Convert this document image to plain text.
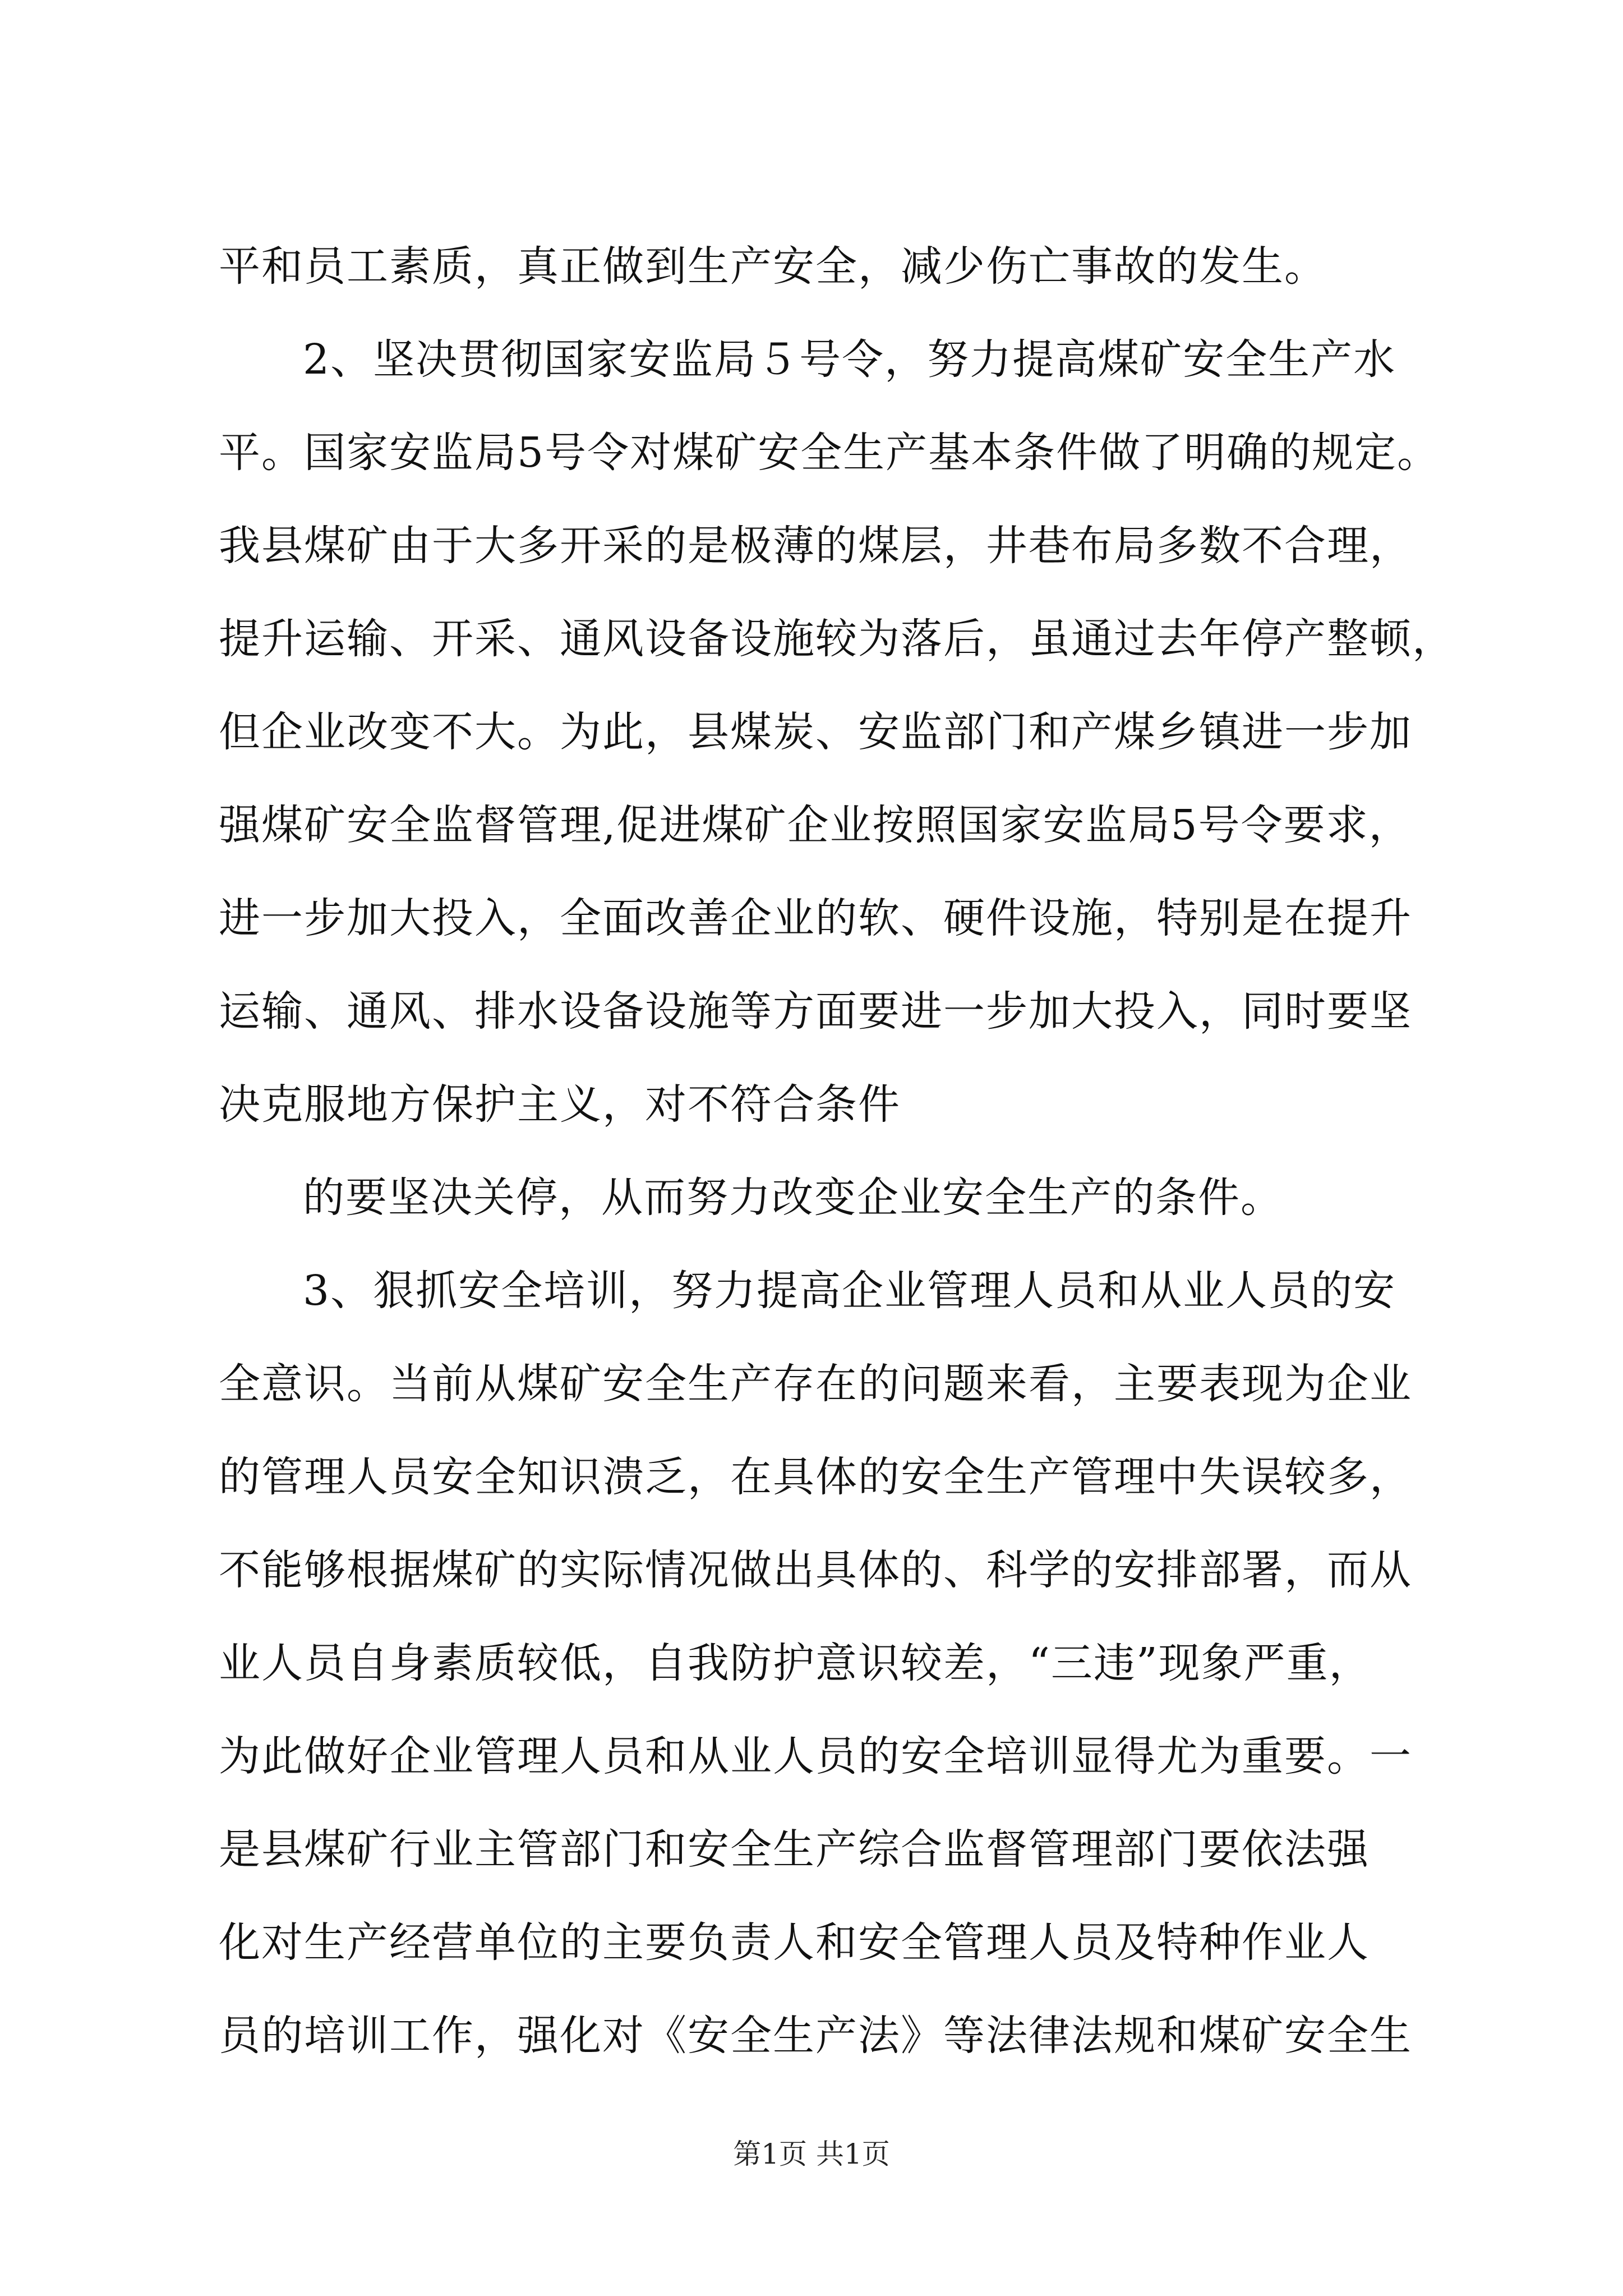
平和员工素质，真正做到生产安全，减少伤亡事故的发生。
2、坚决贯彻国家安监局５号令，努力提高煤矿安全生产水
平。国家安监局5号令对煤矿安全生产基本条件做了明确的规定。
我县煤矿由于大多开采的是极薄的煤层，井巷布局多数不合理，
提升运输、开采、通风设备设施较为落后，虽通过去年停产整顿，
但企业改变不大。为此，县煤炭、安监部门和产煤乡镇进一步加
强煤矿安全监督管理,促进煤矿企业按照国家安监局5号令要求，
进一步加大投入，全面改善企业的软、硬件设施，特别是在提升
运输、通风、排水设备设施等方面要进一步加大投入，同时要坚
决克服地方保护主义，对不符合条件
的要坚决关停，从而努力改变企业安全生产的条件。
3、狠抓安全培训，努力提高企业管理人员和从业人员的安
全意识。当前从煤矿安全生产存在的问题来看，主要表现为企业
的管理人员安全知识溃乏，在具体的安全生产管理中失误较多，
不能够根据煤矿的实际情况做出具体的、科学的安排部署，而从
业人员自身素质较低，自我防护意识较差，“三违”现象严重，
为此做好企业管理人员和从业人员的安全培训显得尤为重要。一
是县煤矿行业主管部门和安全生产综合监督管理部门要依法强
化对生产经营单位的主要负责人和安全管理人员及特种作业人
员的培训工作，强化对《安全生产法》等法律法规和煤矿安全生
第1页 共1页
